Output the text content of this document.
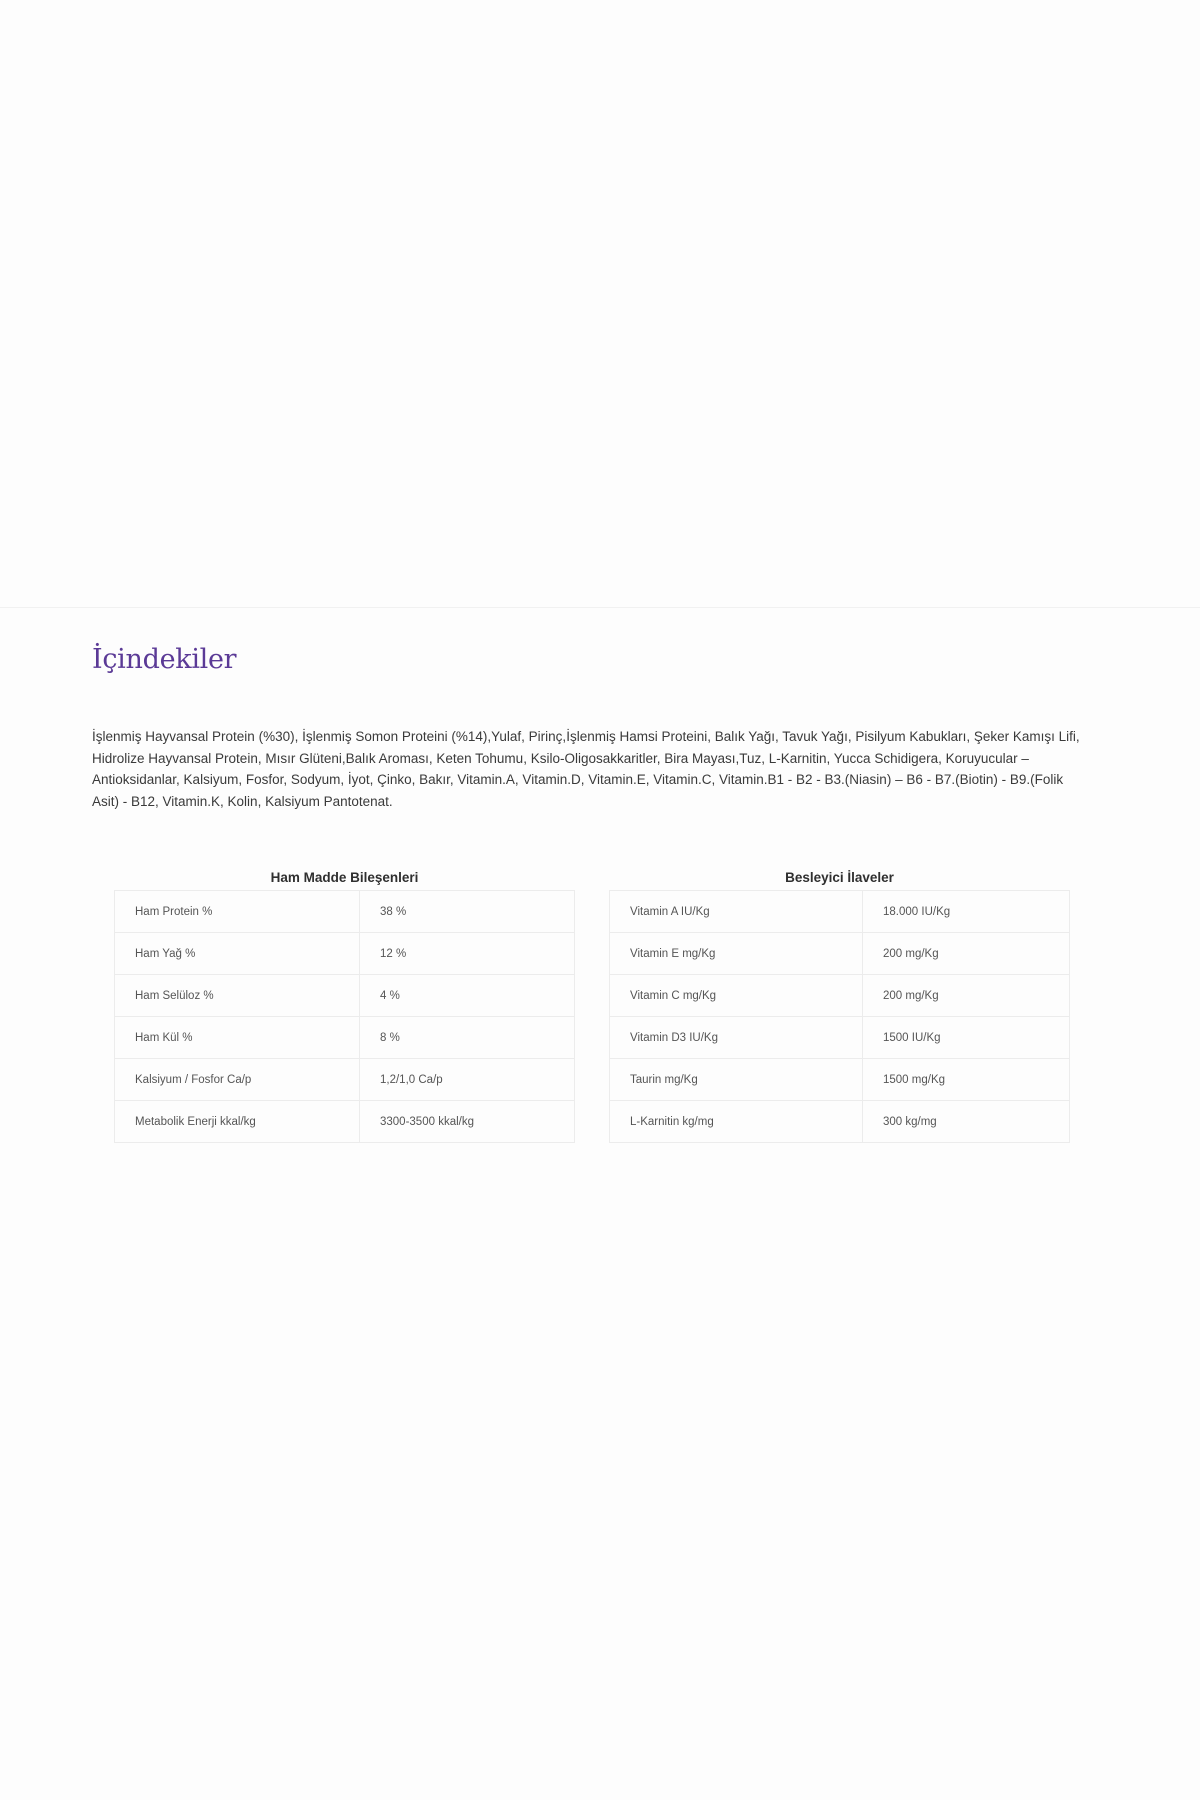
İçindekiler

İşlenmiş Hayvansal Protein (%30), İşlenmiş Somon Proteini (%14),Yulaf, Pirinç,İşlenmiş Hamsi Proteini, Balık Yağı, Tavuk Yağı, Pisilyum Kabukları, Şeker Kamışı Lifi, Hidrolize Hayvansal Protein, Mısır Glüteni,Balık Aroması, Keten Tohumu, Ksilo-Oligosakkaritler, Bira Mayası,Tuz, L-Karnitin, Yucca Schidigera, Koruyucular – Antioksidanlar, Kalsiyum, Fosfor, Sodyum, İyot, Çinko, Bakır, Vitamin.A, Vitamin.D, Vitamin.E, Vitamin.C, Vitamin.B1 - B2 - B3.(Niasin) – B6 - B7.(Biotin) - B9.(Folik Asit) - B12, Vitamin.K, Kolin, Kalsiyum Pantotenat.

Ham Madde Bileşenleri
Ham Protein %	38 %
Ham Yağ %	12 %
Ham Selüloz %	4 %
Ham Kül %	8 %
Kalsiyum / Fosfor Ca/p	1,2/1,0 Ca/p
Metabolik Enerji kkal/kg	3300-3500 kkal/kg
Besleyici İlaveler
Vitamin A IU/Kg	18.000 IU/Kg
Vitamin E mg/Kg	200 mg/Kg
Vitamin C mg/Kg	200 mg/Kg
Vitamin D3 IU/Kg	1500 IU/Kg
Taurin mg/Kg	1500 mg/Kg
L-Karnitin kg/mg	300 kg/mg
